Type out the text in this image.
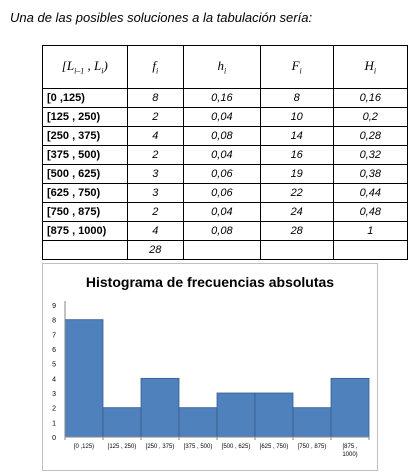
Una de las posibles soluciones a la tabulación sería:
[$L_{i-1}$ , $L_i$)	$f_i$	$h_i$	$F_i$	$H_i$
[0 ,125)	8	0,16	8	0,16
[125 , 250)	2	0,04	10	0,2
[250 , 375)	4	0,08	14	0,28
[375 , 500)	2	0,04	16	0,32
[500 , 625)	3	0,06	19	0,38
[625 , 750)	3	0,06	22	0,44
[750 , 875)	2	0,04	24	0,48
[875 , 1000)	4	0,08	28	1
	28			
Histograma de frecuencias absolutas
0
1
2
3
4
5
6
7
8
9
[0 ,125) [125 , 250) [250 , 375) [375 , 500) [500 , 625) [625 , 750) [750 , 875)	[875 ,
1000)
